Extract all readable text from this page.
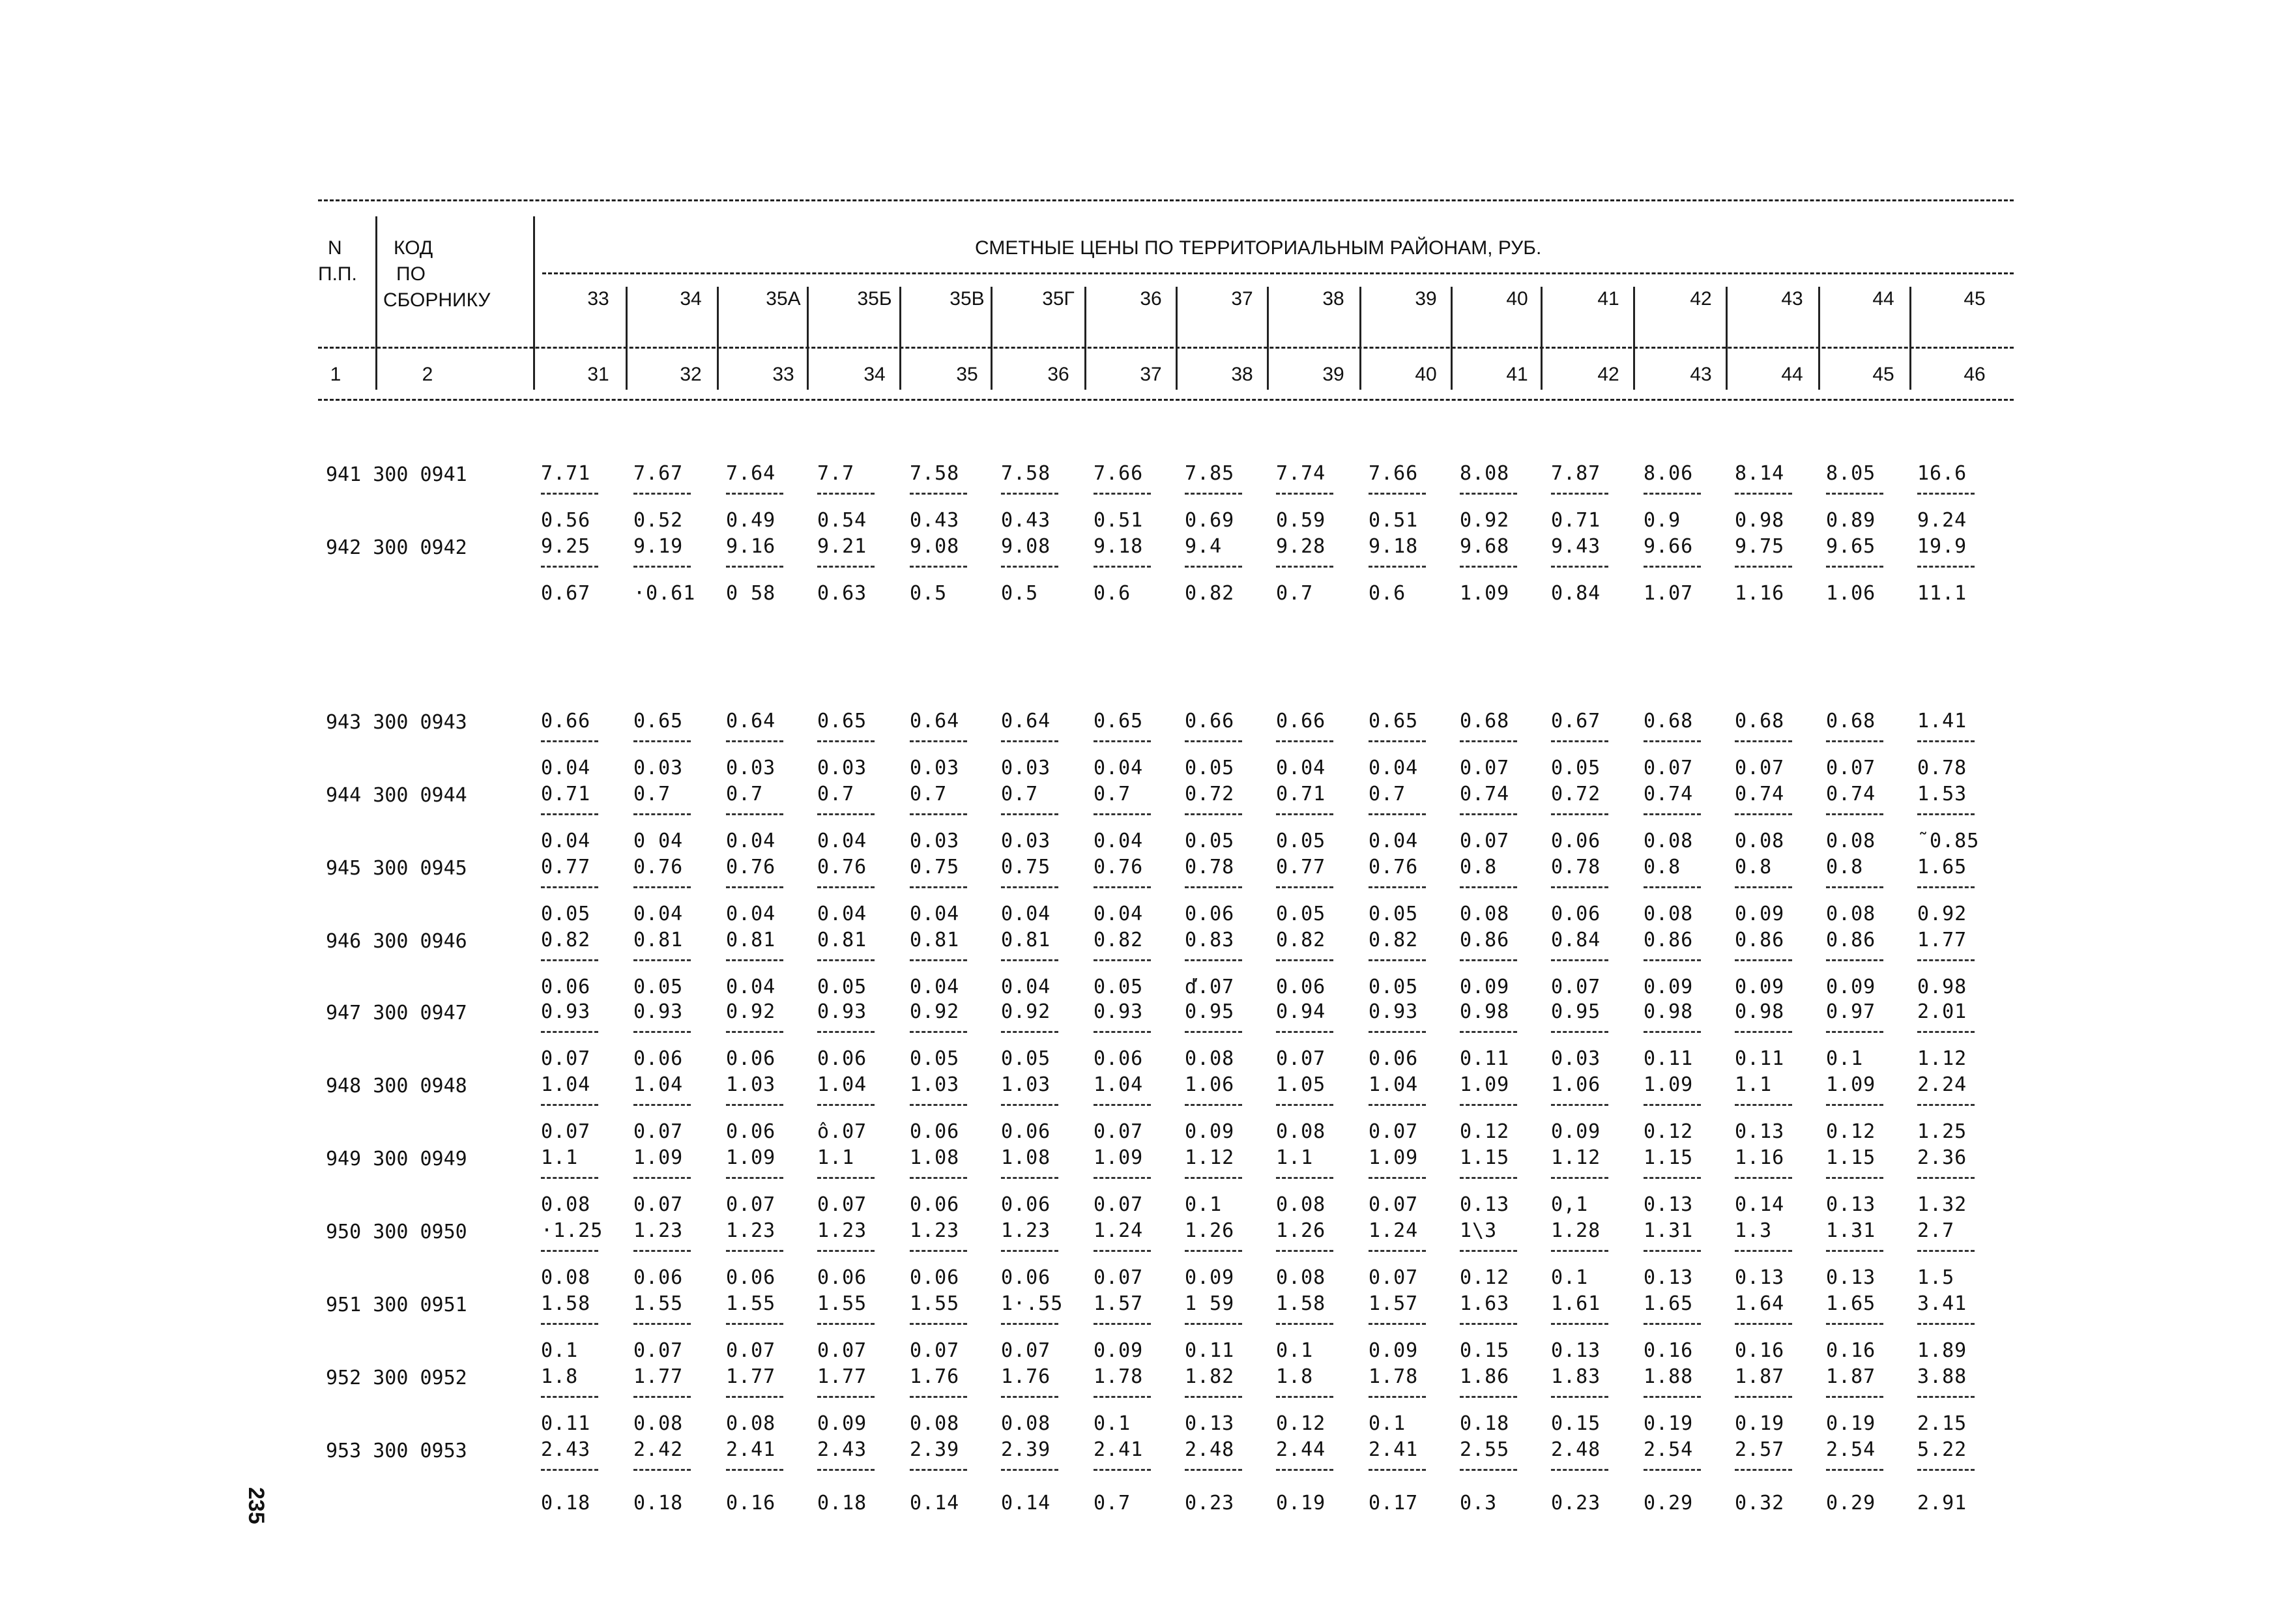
N
П.П.
КОД
ПО
СБОРНИКУ
СМЕТНЫЕ ЦЕНЫ ПО ТЕРРИТОРИАЛЬНЫМ РАЙОНАМ, РУБ.
33	34	35А	35Б	35В	35Г	36	37	38	39	40	41	42	43	44	45
1	2	31	32	33	34	35	36	37	38	39	40	41	42	43	44	45	46
941 300 0941	7.71 7.67 7.64 7.7	7.58 7.58 7.66 7.85 7.74 7.66 8.08 7.87 8.06 8.14 8.05 16.6
0.56 0.52 0.49 0.54 0.43 0.43 0.51 0.69 0.59 0.51 0.92 0.71 0.9	0.98 0.89 9.24
942 300 0942	9.25 9.19 9.16 9.21 9.08 9.08 9.18 9.4	9.28 9.18 9.68 9.43 9.66 9.75 9.65 19.9
0.67 ·0.61 0 58 0.63 0.5	0.5	0.6	0.82 0.7	0.6	1.09 0.84 1.07 1.16 1.06 11.1
943 300 0943	0.66 0.65 0.64 0.65 0.64 0.64 0.65 0.66 0.66 0.65 0.68 0.67 0.68 0.68 0.68 1.41
0.04 0.03 0.03 0.03 0.03 0.03 0.04 0.05 0.04 0.04 0.07 0.05 0.07 0.07 0.07 0.78
944 300 0944	0.71 0.7	0.7	0.7	0.7	0.7	0.7	0.72 0.71 0.7	0.74 0.72 0.74 0.74 0.74 1.53
0.04 0 04 0.04 0.04 0.03 0.03 0.04 0.05 0.05 0.04 0.07 0.06 0.08 0.08 0.08 ˜0.85
945 300 0945	0.77 0.76 0.76 0.76 0.75 0.75 0.76 0.78 0.77 0.76 0.8	0.78 0.8	0.8	0.8	1.65
0.05 0.04 0.04 0.04 0.04 0.04 0.04 0.06 0.05 0.05 0.08 0.06 0.08 0.09 0.08 0.92
946 300 0946	0.82 0.81 0.81 0.81 0.81 0.81 0.82 0.83 0.82 0.82 0.86 0.84 0.86 0.86 0.86 1.77
0.06 0.05 0.04 0.05 0.04 0.04 0.05 ď.07 0.06 0.05 0.09 0.07 0.09 0.09 0.09 0.98
947 300 0947	0.93 0.93 0.92 0.93 0.92 0.92 0.93 0.95 0.94 0.93 0.98 0.95 0.98 0.98 0.97 2.01
0.07 0.06 0.06 0.06 0.05 0.05 0.06 0.08 0.07 0.06 0.11 0.03 0.11 0.11 0.1	1.12
948 300 0948	1.04 1.04 1.03 1.04 1.03 1.03 1.04 1.06 1.05 1.04 1.09 1.06 1.09 1.1	1.09 2.24
0.07 0.07 0.06 ô.07 0.06 0.06 0.07 0.09 0.08 0.07 0.12 0.09 0.12 0.13 0.12 1.25
949 300 0949	1.1	1.09 1.09 1.1	1.08 1.08 1.09 1.12 1.1	1.09 1.15 1.12 1.15 1.16 1.15 2.36
0.08 0.07 0.07 0.07 0.06 0.06 0.07 0.1	0.08 0.07 0.13 0,1	0.13 0.14 0.13 1.32
950 300 0950	·1.25 1.23 1.23 1.23 1.23 1.23 1.24 1.26 1.26 1.24 1\3	1.28 1.31 1.3	1.31 2.7
0.08 0.06 0.06 0.06 0.06 0.06 0.07 0.09 0.08 0.07 0.12 0.1	0.13 0.13 0.13 1.5
951 300 0951	1.58 1.55 1.55 1.55 1.55 1·.55 1.57 1 59 1.58 1.57 1.63 1.61 1.65 1.64 1.65 3.41
0.1	0.07 0.07 0.07 0.07 0.07 0.09 0.11 0.1	0.09 0.15 0.13 0.16 0.16 0.16 1.89
952 300 0952	1.8	1.77 1.77 1.77 1.76 1.76 1.78 1.82 1.8	1.78 1.86 1.83 1.88 1.87 1.87 3.88
0.11 0.08 0.08 0.09 0.08 0.08 0.1	0.13 0.12 0.1	0.18 0.15 0.19 0.19 0.19 2.15
953 300 0953	2.43 2.42 2.41 2.43 2.39 2.39 2.41 2.48 2.44 2.41 2.55 2.48 2.54 2.57 2.54 5.22
0.18 0.18 0.16 0.18 0.14 0.14 0.7	0.23 0.19 0.17 0.3	0.23 0.29 0.32 0.29 2.91
235
